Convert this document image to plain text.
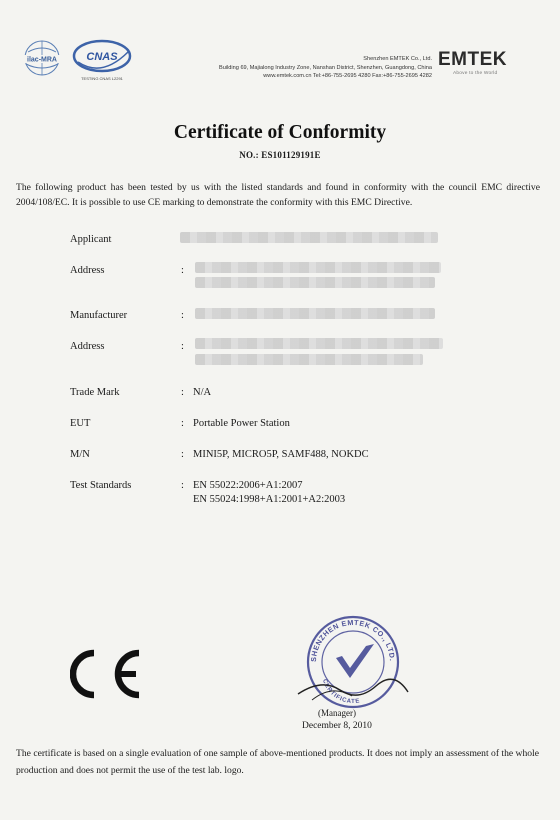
ilac-MRA	CNAS
TESTING CNAS L2291
Shenzhen EMTEK Co., Ltd.
Building 69, Majialong Industry Zone, Nanshan District, Shenzhen, Guangdong, China
www.emtek.com.cn Tel:+86-755-2695 4280 Fax:+86-755-2695 4282
EMTEK
Above to the World
Certificate of Conformity
NO.: ES101129191E
The following product has been tested by us with the listed standards and found in conformity with the council EMC directive 2004/108/EC. It is possible to use CE marking to demonstrate the conformity with this EMC Directive.
Applicant
Address	:
Manufacturer	:
Address	:
Trade Mark	: N/A
EUT	: Portable Power Station
M/N	: MINI5P, MICRO5P, SAMF488, NOKDC
Test Standards	: EN 55022:2006+A1:2007
EN 55024:1998+A1:2001+A2:2003
SHENZHEN EMTEK CO., LTD.
CERTIFICATE
(Manager)
December 8, 2010
The certificate is based on a single evaluation of one sample of above-mentioned products. It does not imply an assessment of the whole production and does not permit the use of the test lab. logo.
